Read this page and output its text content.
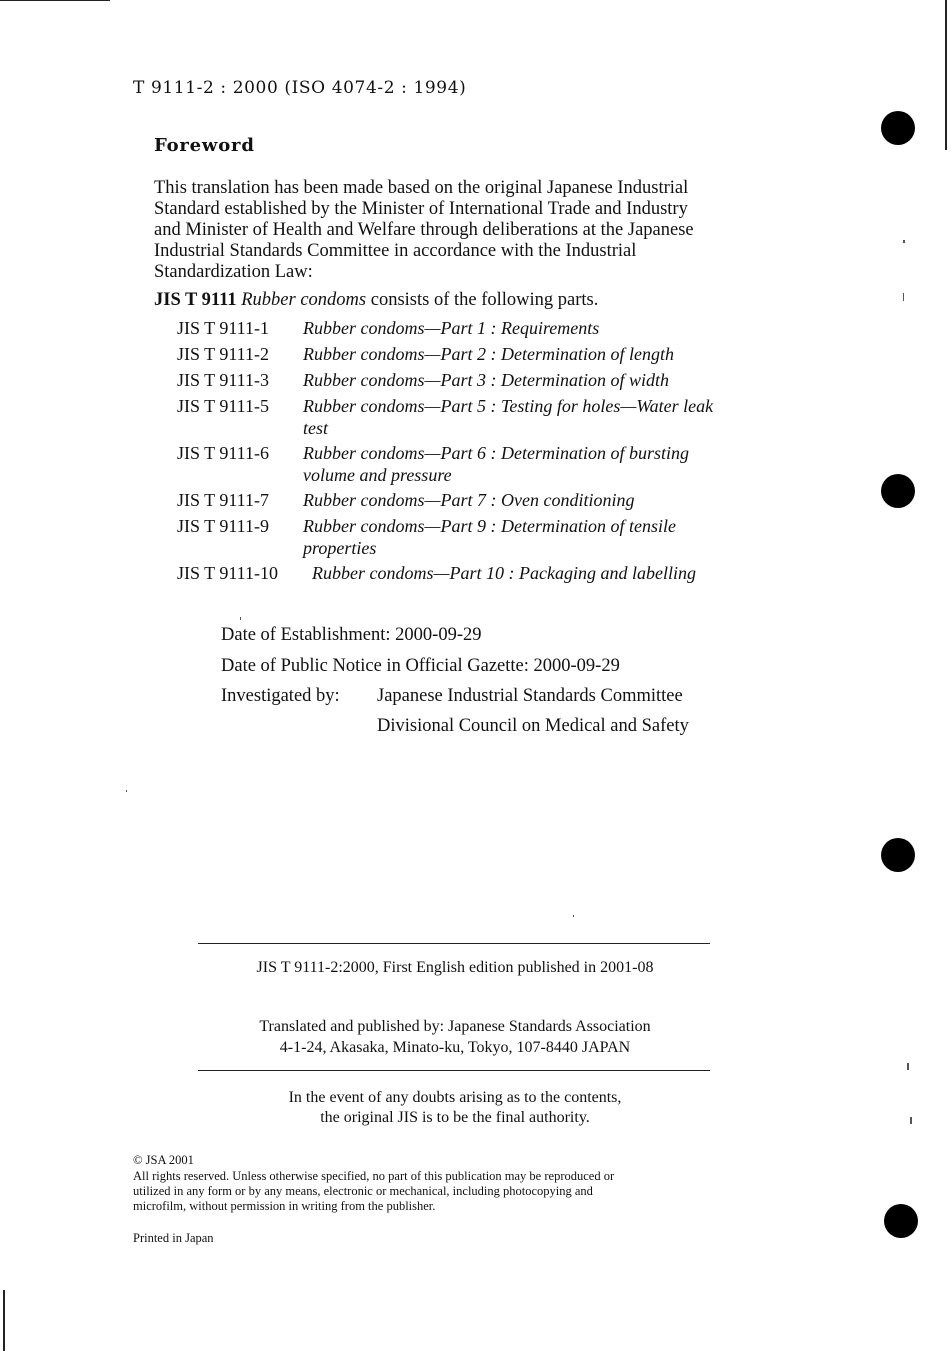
T 9111-2 : 2000 (ISO 4074-2 : 1994)
Foreword
This translation has been made based on the original Japanese Industrial
Standard established by the Minister of International Trade and Industry
and Minister of Health and Welfare through deliberations at the Japanese
Industrial Standards Committee in accordance with the Industrial
Standardization Law:
JIS T 9111 Rubber condoms consists of the following parts.
JIS T 9111-1 Rubber condoms—Part 1 : Requirements
JIS T 9111-2 Rubber condoms—Part 2 : Determination of length
JIS T 9111-3 Rubber condoms—Part 3 : Determination of width
JIS T 9111-5 Rubber condoms—Part 5 : Testing for holes—Water leak
test
JIS T 9111-6 Rubber condoms—Part 6 : Determination of bursting
volume and pressure
JIS T 9111-7 Rubber condoms—Part 7 : Oven conditioning
JIS T 9111-9 Rubber condoms—Part 9 : Determination of tensile
properties
JIS T 9111-10 Rubber condoms—Part 10 : Packaging and labelling
Date of Establishment: 2000-09-29
Date of Public Notice in Official Gazette: 2000-09-29
Investigated by: Japanese Industrial Standards Committee
Divisional Council on Medical and Safety
JIS T 9111-2:2000, First English edition published in 2001-08
Translated and published by: Japanese Standards Association
4-1-24, Akasaka, Minato-ku, Tokyo, 107-8440 JAPAN
In the event of any doubts arising as to the contents,
the original JIS is to be the final authority.
© JSA 2001
All rights reserved. Unless otherwise specified, no part of this publication may be reproduced or
utilized in any form or by any means, electronic or mechanical, including photocopying and
microfilm, without permission in writing from the publisher.
Printed in Japan
